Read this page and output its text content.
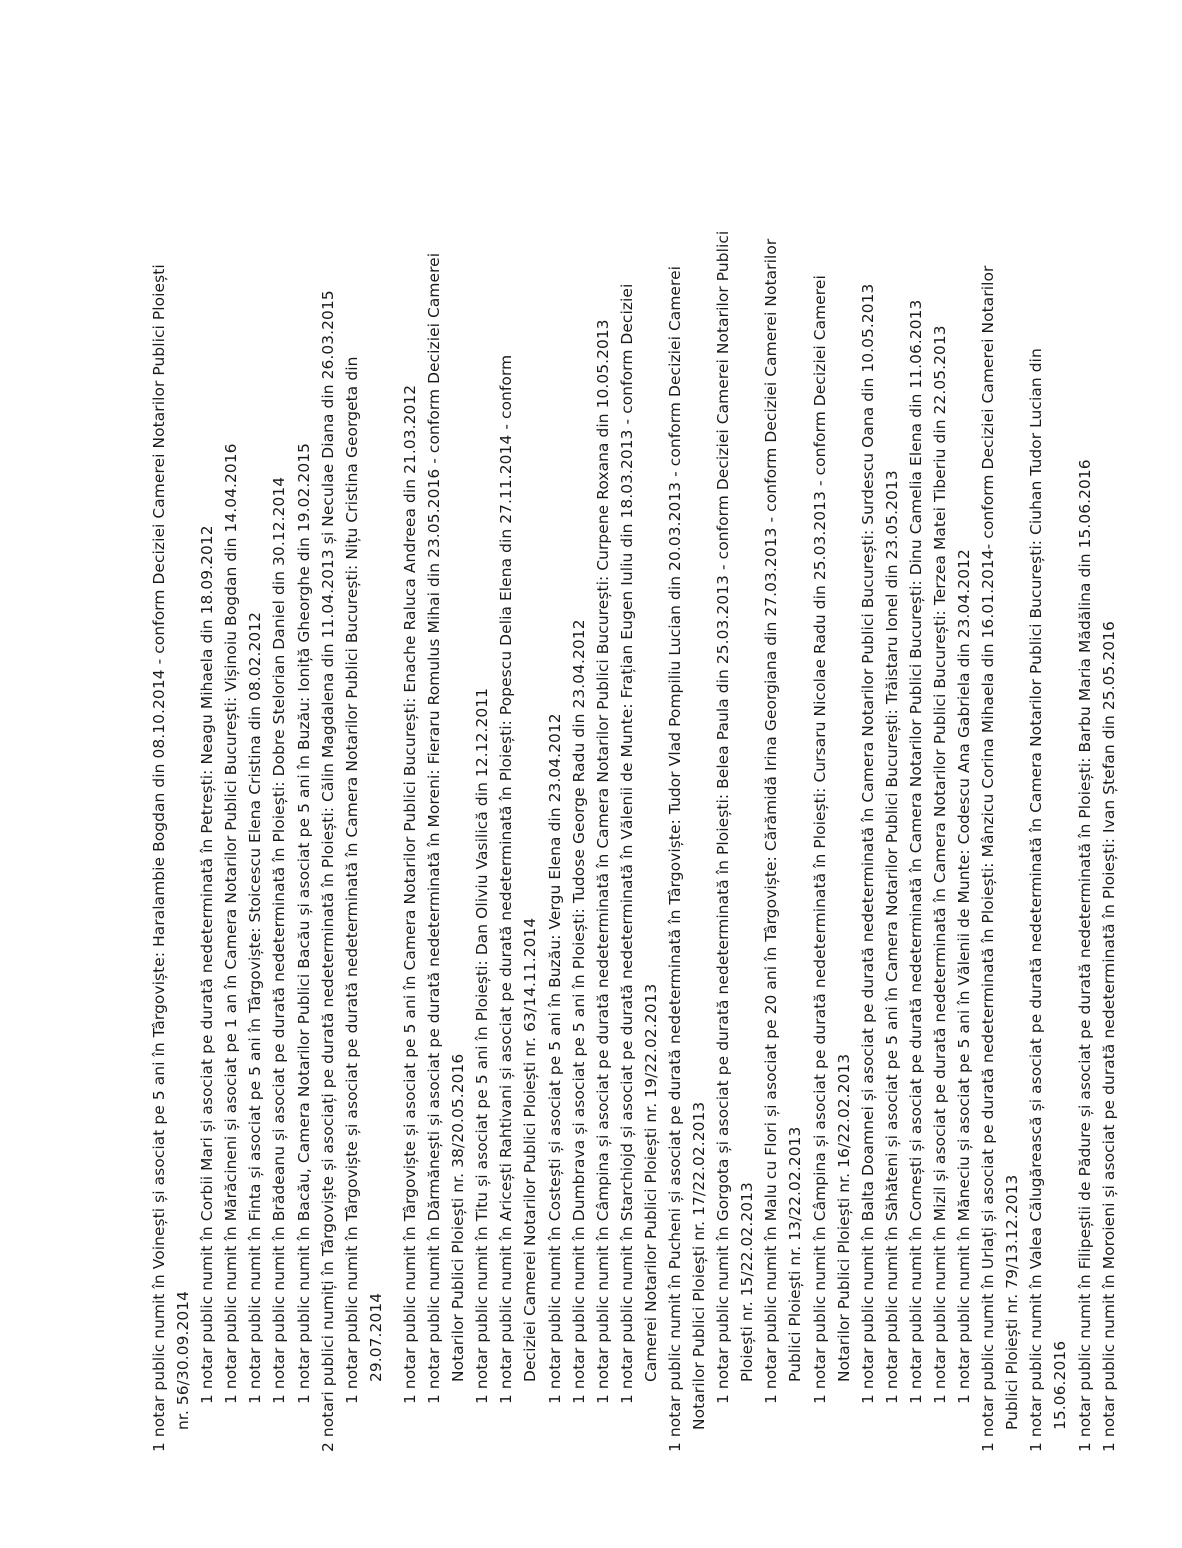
1 notar public numit în Voinești și asociat pe 5 ani în Târgoviște: Haralambie Bogdan din 08.10.2014 - conform Deciziei Camerei Notarilor Publici Ploiești nr. 56/30.09.2014 1 notar public numit în Corbii Mari și asociat pe durată nedeterminată în Petrești: Neagu Mihaela din 18.09.2012 1 notar public numit în Mărăcineni și asociat pe 1 an în Camera Notarilor Publici București: Vișinoiu Bogdan din 14.04.2016 1 notar public numit în Finta și asociat pe 5 ani în Târgoviște: Stoicescu Elena Cristina din 08.02.2012 1 notar public numit în Brădeanu și asociat pe durată nedeterminată în Ploiești: Dobre Stelorian Daniel din 30.12.2014 1 notar public numit în Bacău, Camera Notarilor Publici Bacău și asociat pe 5 ani în Buzău: Ioniță Gheorghe din 19.02.2015 2 notari publici numiți în Târgoviște și asociați pe durată nedeterminată în Ploiești: Călin Magdalena din 11.04.2013 și Neculae Diana din 26.03.2015 1 notar public numit în Târgoviște și asociat pe durată nedeterminată în Camera Notarilor Publici București: Nițu Cristina Georgeta din 29.07.2014 1 notar public numit în Târgoviște și asociat pe 5 ani în Camera Notarilor Publici București: Enache Raluca Andreea din 21.03.2012 1 notar public numit în Dărmănești și asociat pe durată nedeterminată în Moreni: Fieraru Romulus Mihai din 23.05.2016 - conform Deciziei Camerei Notarilor Publici Ploiești nr. 38/20.05.2016 1 notar public numit în Titu și asociat pe 5 ani în Ploiești: Dan Oliviu Vasilică din 12.12.2011 1 notar public numit în Aricești Rahtivani și asociat pe durată nedeterminată în Ploiești: Popescu Delia Elena din 27.11.2014 - conform Deciziei Camerei Notarilor Publici Ploiești nr. 63/14.11.2014 1 notar public numit în Costești și asociat pe 5 ani în Buzău: Vergu Elena din 23.04.2012 1 notar public numit în Dumbrava și asociat pe 5 ani în Ploiești: Tudose George Radu din 23.04.2012 1 notar public numit în Câmpina și asociat pe durată nedeterminată în Camera Notarilor Publici București: Curpene Roxana din 10.05.2013 1 notar public numit în Starchiojd și asociat pe durată nedeterminată în Vălenii de Munte: Frațian Eugen Iuliu din 18.03.2013 - conform Deciziei Camerei Notarilor Publici Ploiești nr. 19/22.02.2013 1 notar public numit în Pucheni și asociat pe durată nedeterminată în Târgoviște: Tudor Vlad Pompiliu Lucian din 20.03.2013 - conform Deciziei Camerei Notarilor Publici Ploiești nr. 17/22.02.2013 1 notar public numit în Gorgota și asociat pe durată nedeterminată în Ploiești: Belea Paula din 25.03.2013 - conform Deciziei Camerei Notarilor Publici Ploiești nr. 15/22.02.2013 1 notar public numit în Malu cu Flori și asociat pe 20 ani în Târgoviște: Cărămidă Irina Georgiana din 27.03.2013 - conform Deciziei Camerei Notarilor Publici Ploiești nr. 13/22.02.2013 1 notar public numit în Câmpina și asociat pe durată nedeterminată în Ploiești: Cursaru Nicolae Radu din 25.03.2013 - conform Deciziei Camerei Notarilor Publici Ploiești nr. 16/22.02.2013 1 notar public numit în Balta Doamnei și asociat pe durată nedeterminată în Camera Notarilor Publici București: Surdescu Oana din 10.05.2013 1 notar public numit în Săhăteni și asociat pe 5 ani în Camera Notarilor Publici București: Trăistaru Ionel din 23.05.2013 1 notar public numit în Cornești și asociat pe durată nedeterminată în Camera Notarilor Publici București: Dinu Camelia Elena din 11.06.2013 1 notar public numit în Mizil și asociat pe durată nedeterminată în Camera Notarilor Publici București: Terzea Matei Tiberiu din 22.05.2013 1 notar public numit în Măneciu și asociat pe 5 ani în Vălenii de Munte: Codescu Ana Gabriela din 23.04.2012 1 notar public numit în Urlați și asociat pe durată nedeterminată în Ploiești: Mânzicu Corina Mihaela din 16.01.2014- conform Deciziei Camerei Notarilor Publici Ploiești nr. 79/13.12.2013 1 notar public numit în Valea Călugărească și asociat pe durată nedeterminată în Camera Notarilor Publici București: Ciuhan Tudor Lucian din 15.06.2016 1 notar public numit în Filipeștii de Pădure și asociat pe durată nedeterminată în Ploiești: Barbu Maria Mădălina din 15.06.2016 1 notar public numit în Moroieni și asociat pe durată nedeterminată în Ploiești: Ivan Ștefan din 25.05.2016
